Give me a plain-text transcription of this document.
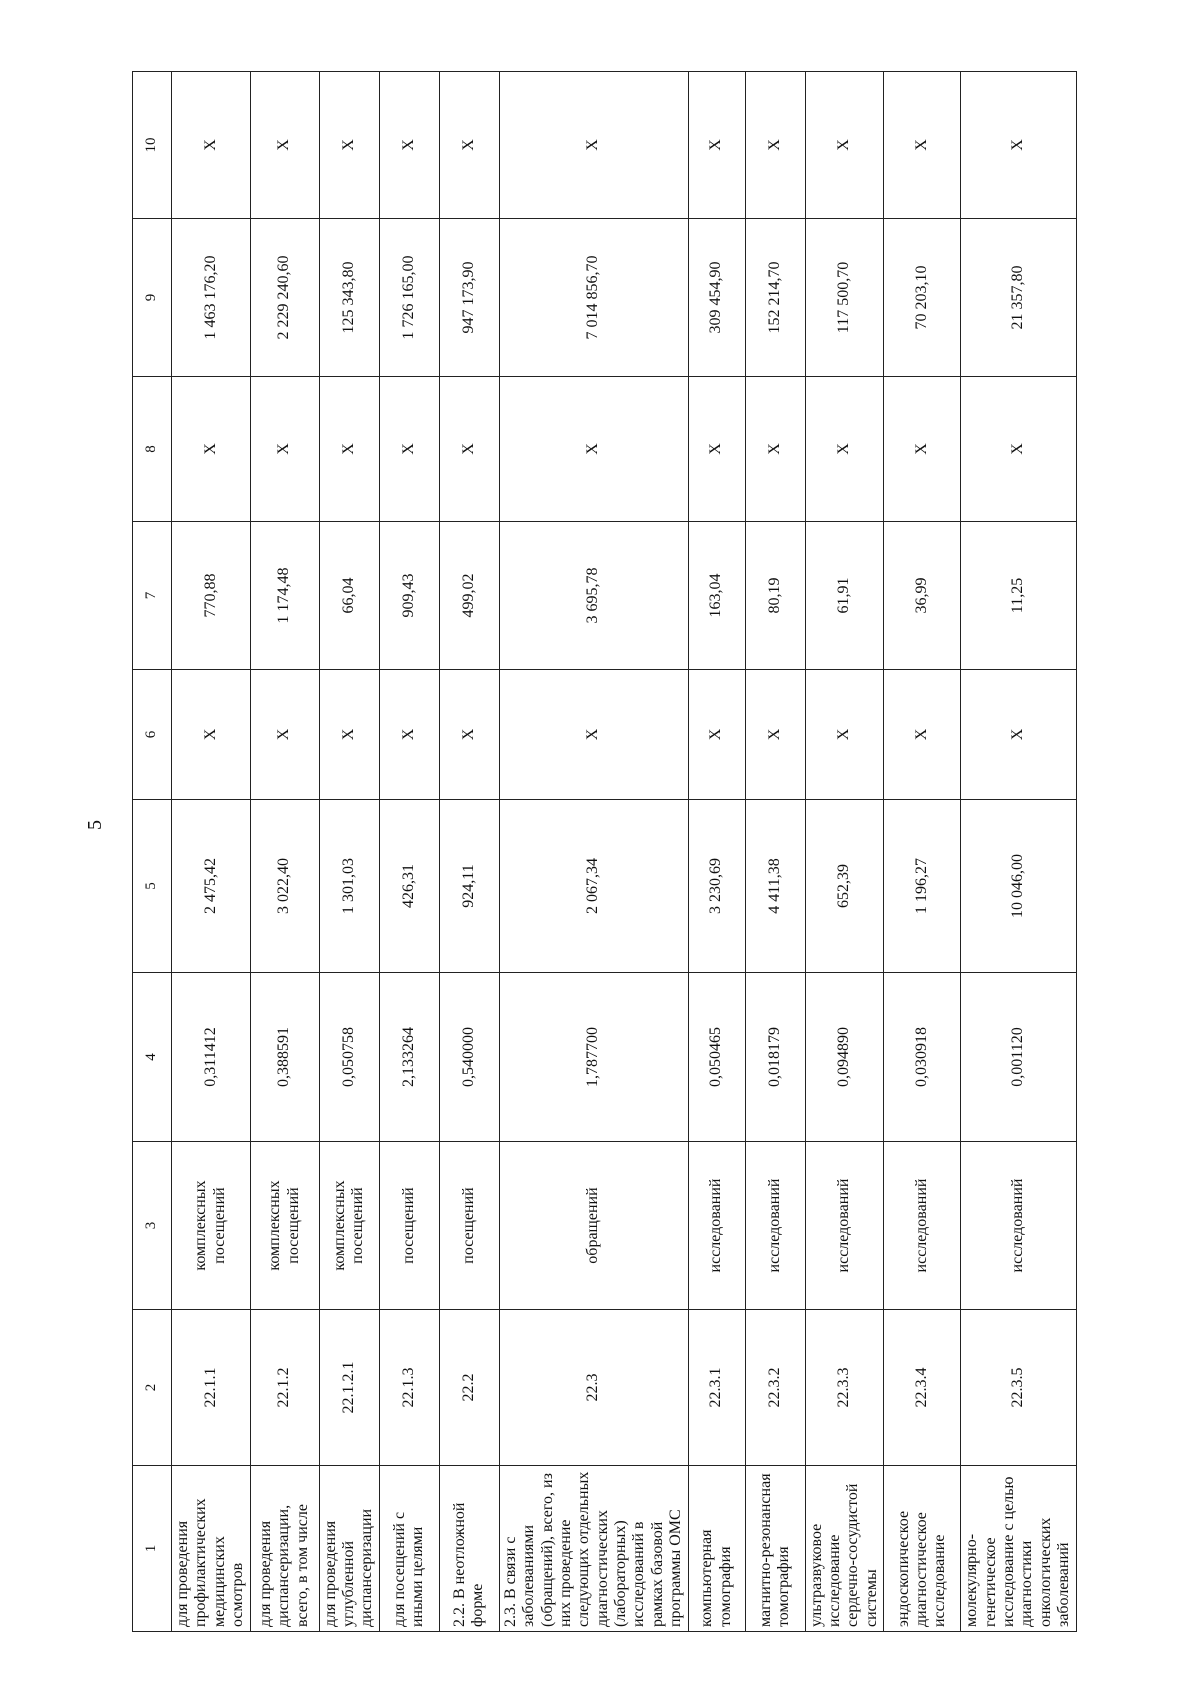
5
1	2	3	4	5	6	7	8	9	10
для проведения профилактических медицинских осмотров	22.1.1	комплексных посещений	0,311412	2 475,42	X	770,88	X	1 463 176,20	X
для проведения диспансеризации, всего, в том числе	22.1.2	комплексных посещений	0,388591	3 022,40	X	1 174,48	X	2 229 240,60	X
для проведения углубленной диспансеризации	22.1.2.1	комплексных посещений	0,050758	1 301,03	X	66,04	X	125 343,80	X
для посещений с иными целями	22.1.3	посещений	2,133264	426,31	X	909,43	X	1 726 165,00	X
2.2. В неотложной форме	22.2	посещений	0,540000	924,11	X	499,02	X	947 173,90	X
2.3. В связи с заболеваниями (обращений), всего, из них проведение следующих отдельных диагностических (лабораторных) исследований в рамках базовой программы ОМС	22.3	обращений	1,787700	2 067,34	X	3 695,78	X	7 014 856,70	X
компьютерная томография	22.3.1	исследований	0,050465	3 230,69	X	163,04	X	309 454,90	X
магнитно-резонансная томография	22.3.2	исследований	0,018179	4 411,38	X	80,19	X	152 214,70	X
ультразвуковое исследование сердечно-сосудистой системы	22.3.3	исследований	0,094890	652,39	X	61,91	X	117 500,70	X
эндоскопическое диагностическое исследование	22.3.4	исследований	0,030918	1 196,27	X	36,99	X	70 203,10	X
молекулярно-генетическое исследование с целью диагностики онкологических заболеваний	22.3.5	исследований	0,001120	10 046,00	X	11,25	X	21 357,80	X
